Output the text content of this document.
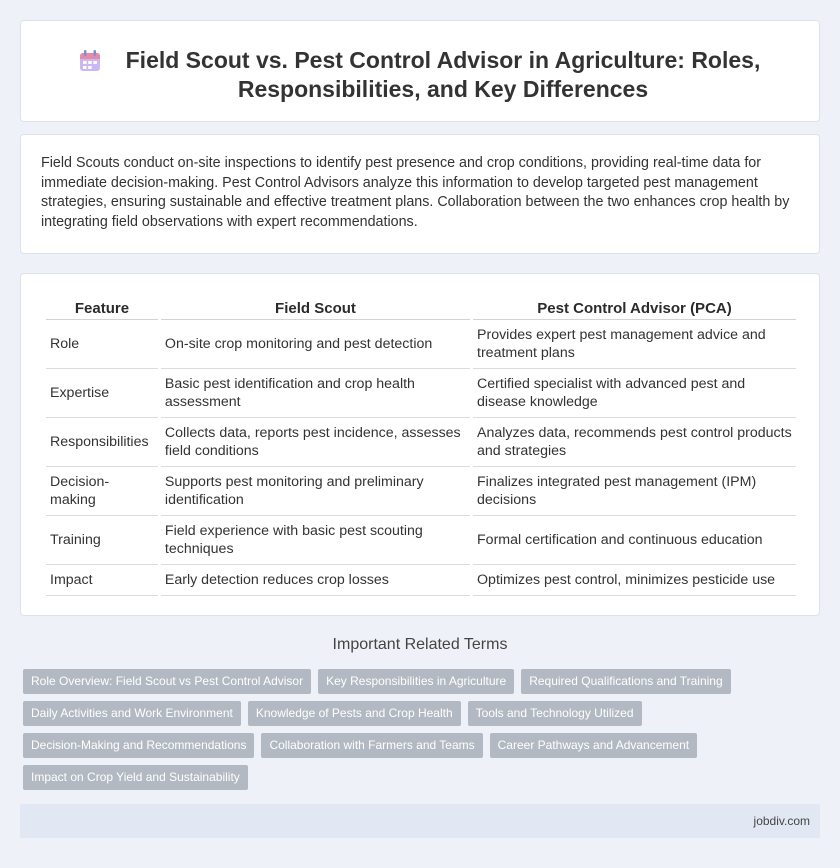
Field Scout vs. Pest Control Advisor in Agriculture: Roles, Responsibilities, and Key Differences

Field Scouts conduct on-site inspections to identify pest presence and crop conditions, providing real-time data for immediate decision-making. Pest Control Advisors analyze this information to develop targeted pest management strategies, ensuring sustainable and effective treatment plans. Collaboration between the two enhances crop health by integrating field observations with expert recommendations.

Feature	Field Scout	Pest Control Advisor (PCA)
Role	On-site crop monitoring and pest detection	Provides expert pest management advice and treatment plans
Expertise	Basic pest identification and crop health assessment	Certified specialist with advanced pest and disease knowledge
Responsibilities	Collects data, reports pest incidence, assesses field conditions	Analyzes data, recommends pest control products and strategies
Decision-making	Supports pest monitoring and preliminary identification	Finalizes integrated pest management (IPM) decisions
Training	Field experience with basic pest scouting techniques	Formal certification and continuous education
Impact	Early detection reduces crop losses	Optimizes pest control, minimizes pesticide use
Important Related Terms
Role Overview: Field Scout vs Pest Control Advisor	Key Responsibilities in Agriculture	Required Qualifications and Training
Daily Activities and Work Environment	Knowledge of Pests and Crop Health	Tools and Technology Utilized
Decision-Making and Recommendations	Collaboration with Farmers and Teams	Career Pathways and Advancement
Impact on Crop Yield and Sustainability
jobdiv.com
